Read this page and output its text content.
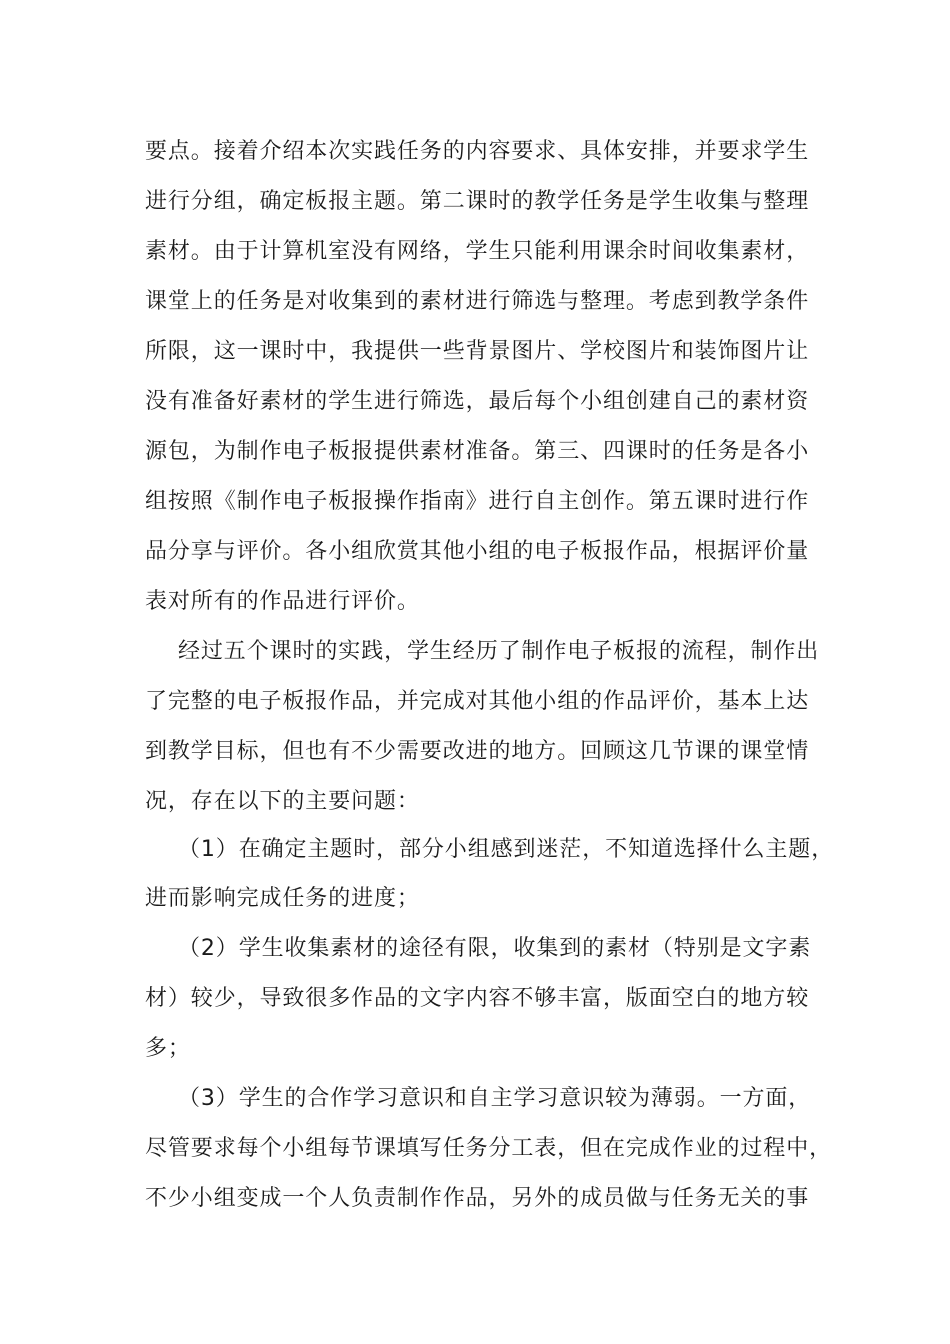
要点。接着介绍本次实践任务的内容要求、具体安排，并要求学生
进行分组，确定板报主题。第二课时的教学任务是学生收集与整理
素材。由于计算机室没有网络，学生只能利用课余时间收集素材，
课堂上的任务是对收集到的素材进行筛选与整理。考虑到教学条件
所限，这一课时中，我提供一些背景图片、学校图片和装饰图片让
没有准备好素材的学生进行筛选，最后每个小组创建自己的素材资
源包，为制作电子板报提供素材准备。第三、四课时的任务是各小
组按照《制作电子板报操作指南》进行自主创作。第五课时进行作
品分享与评价。各小组欣赏其他小组的电子板报作品，根据评价量
表对所有的作品进行评价。
经过五个课时的实践，学生经历了制作电子板报的流程，制作出
了完整的电子板报作品，并完成对其他小组的作品评价，基本上达
到教学目标，但也有不少需要改进的地方。回顾这几节课的课堂情
况，存在以下的主要问题：
（1）在确定主题时，部分小组感到迷茫，不知道选择什么主题，
进而影响完成任务的进度；
（2）学生收集素材的途径有限，收集到的素材（特别是文字素
材）较少，导致很多作品的文字内容不够丰富，版面空白的地方较
多；
（3）学生的合作学习意识和自主学习意识较为薄弱。一方面，
尽管要求每个小组每节课填写任务分工表，但在完成作业的过程中，
不少小组变成一个人负责制作作品，另外的成员做与任务无关的事
